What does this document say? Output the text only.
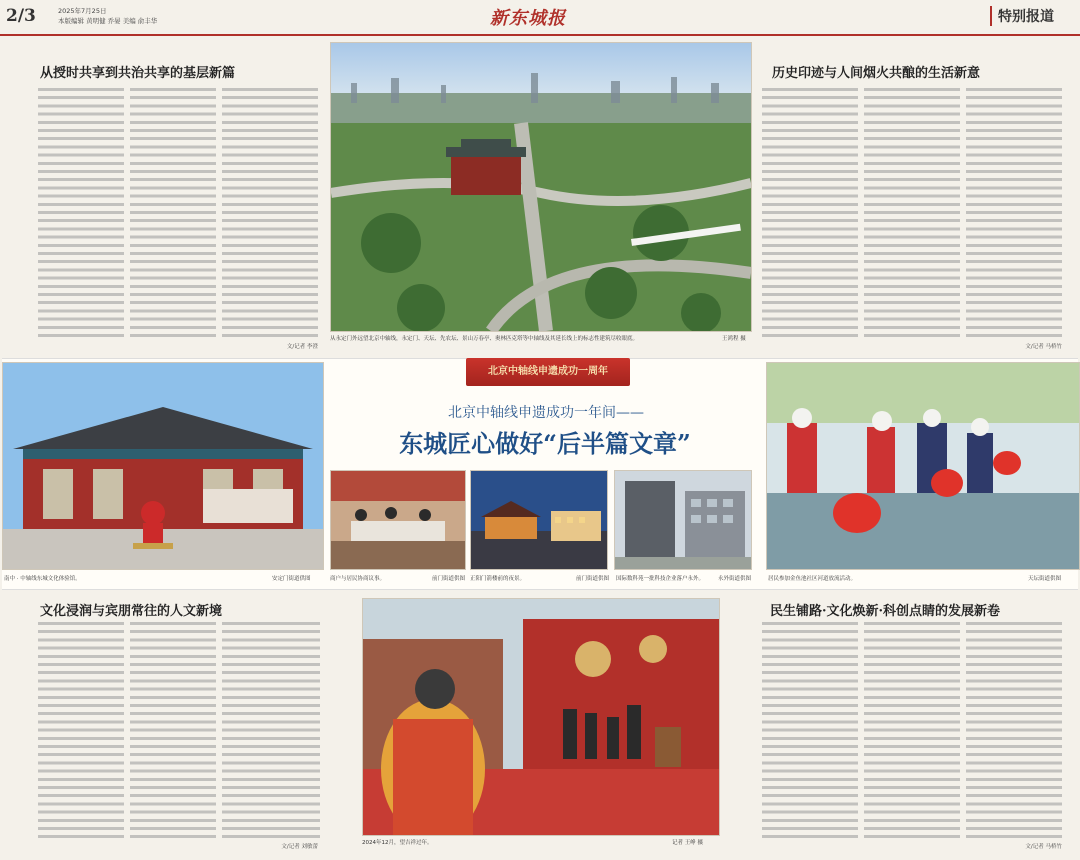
2/3	2025年7月25日
本版编辑 黄明健 乔晏 美编 俞丰华	新东城报	特别报道
从授时共享到共治共享的基层新篇
文/记者 李澄
从永定门外远望北京中轴线，永定门、天坛、先农坛、景山万春亭、奥林匹克塔等中轴线及其延长线上的标志性建筑尽收眼底。	王鸿程 摄
历史印迹与人间烟火共酿的生活新意
文/记者 马桥竹
南中 · 中轴线东城文化体验馆。	安定门街道供图
北京中轴线申遗成功一周年
北京中轴线申遗成功一年间——
东城匠心做好“后半篇文章”
商户与居民协商议事。	前门街道供图 正阳门箭楼前的夜景。	前门街道供图 国际数科苑一批科技企业落户永外。	永外街道供图	居民参加金鱼池社区河道放流活动。	天坛街道供图
文化浸润与宾朋常往的人文新境
文/记者 刘敏蕾
2024年12月，望吉祥过年。	记者 王峥 摄
民生铺路·文化焕新·科创点睛的发展新卷
文/记者 马桥竹
